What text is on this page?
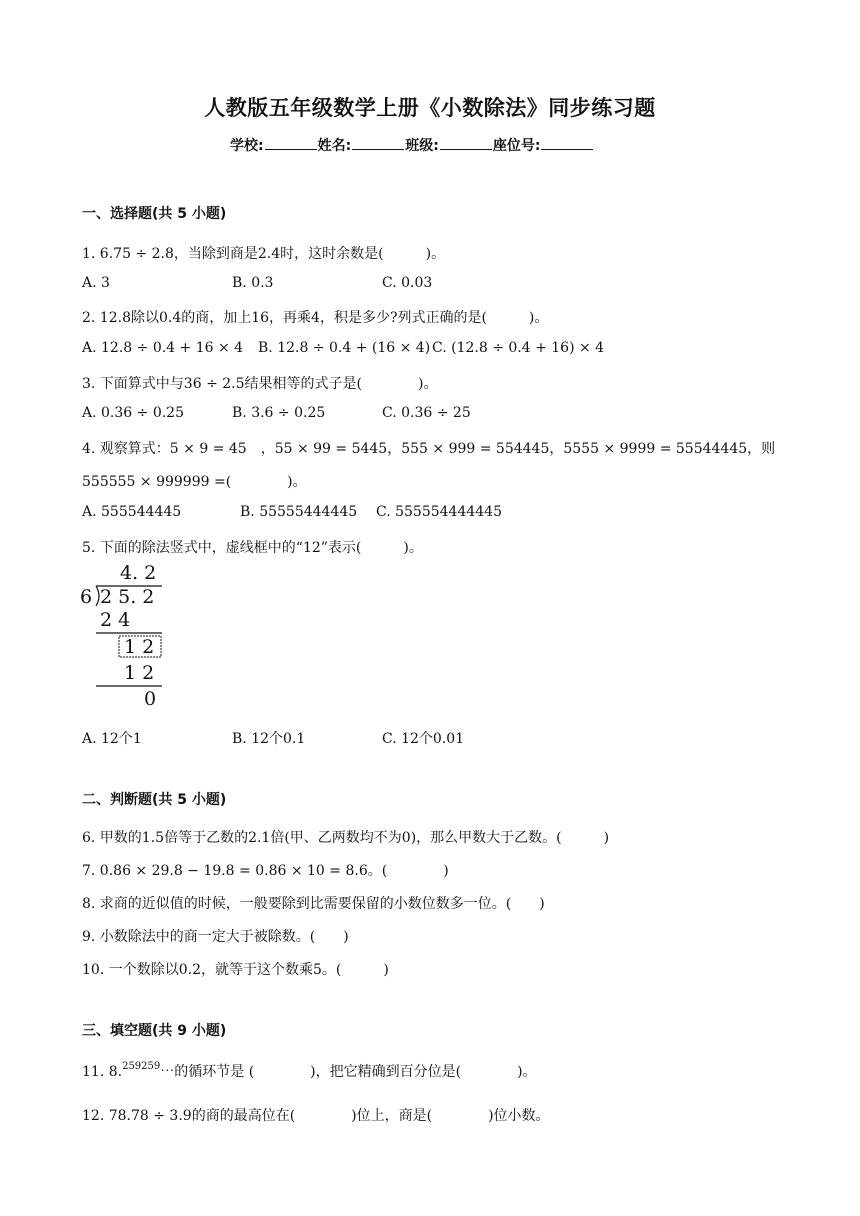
人教版五年级数学上册《小数除法》同步练习题
学校:	姓名:	班级:	座位号:
一、选择题(共 5 小题)
1. 6.75 ÷ 2.8，当除到商是2.4时，这时余数是(　　　)。
A. 3	B. 0.3	C. 0.03
2. 12.8除以0.4的商，加上16，再乘4，积是多少?列式正确的是(　　　)。
A. 12.8 ÷ 0.4 + 16 × 4 B. 12.8 ÷ 0.4 + (16 × 4) C. (12.8 ÷ 0.4 + 16) × 4
3. 下面算式中与36 ÷ 2.5结果相等的式子是(　　　　)。
A. 0.36 ÷ 0.25	B. 3.6 ÷ 0.25	C. 0.36 ÷ 25
4. 观察算式：5 × 9 = 45　，55 × 99 = 5445，555 × 999 = 554445，5555 × 9999 = 55544445，则
555555 × 999999 =(　　　　)。
A. 555544445	B. 55555444445 C. 555554444445
5. 下面的除法竖式中，虚线框中的“12”表示(　　　)。
4. 2
6 2 5. 2
2 4
1 2
1 2
0
A. 12个1	B. 12个0.1	C. 12个0.01
二、判断题(共 5 小题)
6. 甲数的1.5倍等于乙数的2.1倍(甲、乙两数均不为0)，那么甲数大于乙数。(　　　)
7. 0.86 × 29.8 − 19.8 = 0.86 × 10 = 8.6。(　　　　)
8. 求商的近似值的时候，一般要除到比需要保留的小数位数多一位。(　　)
9. 小数除法中的商一定大于被除数。(　　)
10. 一个数除以0.2，就等于这个数乘5。(　　　)
三、填空题(共 9 小题)
11. 8.$^{259259}$⋯的循环节是 (　　　　)，把它精确到百分位是(　　　　)。
12. 78.78 ÷ 3.9的商的最高位在(　　　　)位上，商是(　　　　)位小数。
